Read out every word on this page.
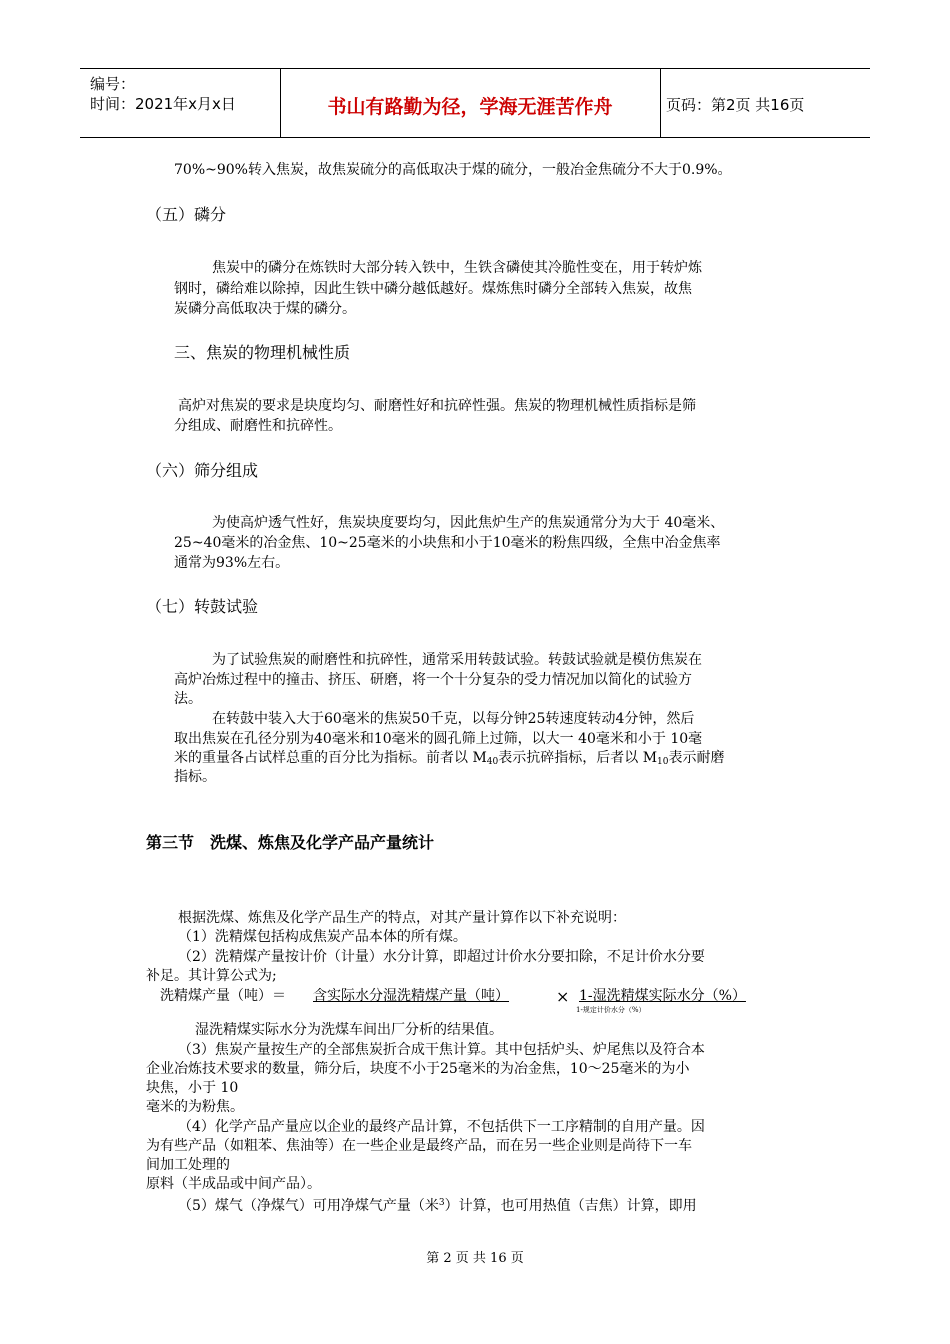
编号：
时间：2021年x月x日	书山有路勤为径，学海无涯苦作舟	页码：第2页 共16页

70%~90%转入焦炭，故焦炭硫分的高低取决于煤的硫分，一般冶金焦硫分不大于0.9%。

（五）磷分

焦炭中的磷分在炼铁时大部分转入铁中，生铁含磷使其冷脆性变在，用于转炉炼

钢时，磷给难以除掉，因此生铁中磷分越低越好。煤炼焦时磷分全部转入焦炭，故焦

炭磷分高低取决于煤的磷分。

三、焦炭的物理机械性质

高炉对焦炭的要求是块度均匀、耐磨性好和抗碎性强。焦炭的物理机械性质指标是筛

分组成、耐磨性和抗碎性。

（六）筛分组成

为使高炉透气性好，焦炭块度要均匀，因此焦炉生产的焦炭通常分为大于 40毫米、

25~40毫米的冶金焦、10~25毫米的小块焦和小于10毫米的粉焦四级，全焦中冶金焦率

通常为93%左右。

（七）转鼓试验

为了试验焦炭的耐磨性和抗碎性，通常采用转鼓试验。转鼓试验就是模仿焦炭在

高炉冶炼过程中的撞击、挤压、研磨，将一个十分复杂的受力情况加以简化的试验方

法。

在转鼓中装入大于60毫米的焦炭50千克，以每分钟25转速度转动4分钟，然后

取出焦炭在孔径分别为40毫米和10毫米的圆孔筛上过筛，以大一 40毫米和小于 10毫

米的重量各占试样总重的百分比为指标。前者以 $M_{40}$表示抗碎指标，后者以 $M_{10}$表示耐磨

指标。

第三节　洗煤、炼焦及化学产品产量统计

根据洗煤、炼焦及化学产品生产的特点，对其产量计算作以下补充说明：

（1）洗精煤包括构成焦炭产品本体的所有煤。

（2）洗精煤产量按计价（计量）水分计算，即超过计价水分要扣除，不足计价水分要

补足。其计算公式为;

洗精煤产量（吨）＝ 含实际水分湿洗精煤产量（吨）	× 1-湿洗精煤实际水分（%）

1-规定计价水分（%）

湿洗精煤实际水分为洗煤车间出厂分析的结果值。

（3）焦炭产量按生产的全部焦炭折合成干焦计算。其中包括炉头、炉尾焦以及符合本

企业冶炼技术要求的数量，筛分后，块度不小于25毫米的为冶金焦，10～25毫米的为小

块焦，小于 10

毫米的为粉焦。

（4）化学产品产量应以企业的最终产品计算，不包括供下一工序精制的自用产量。因

为有些产品（如粗苯、焦油等）在一些企业是最终产品，而在另一些企业则是尚待下一车

间加工处理的

原料（半成品或中间产品）。

（5）煤气（净煤气）可用净煤气产量（米$^3$）计算，也可用热值（吉焦）计算，即用

第 2 页 共 16 页
